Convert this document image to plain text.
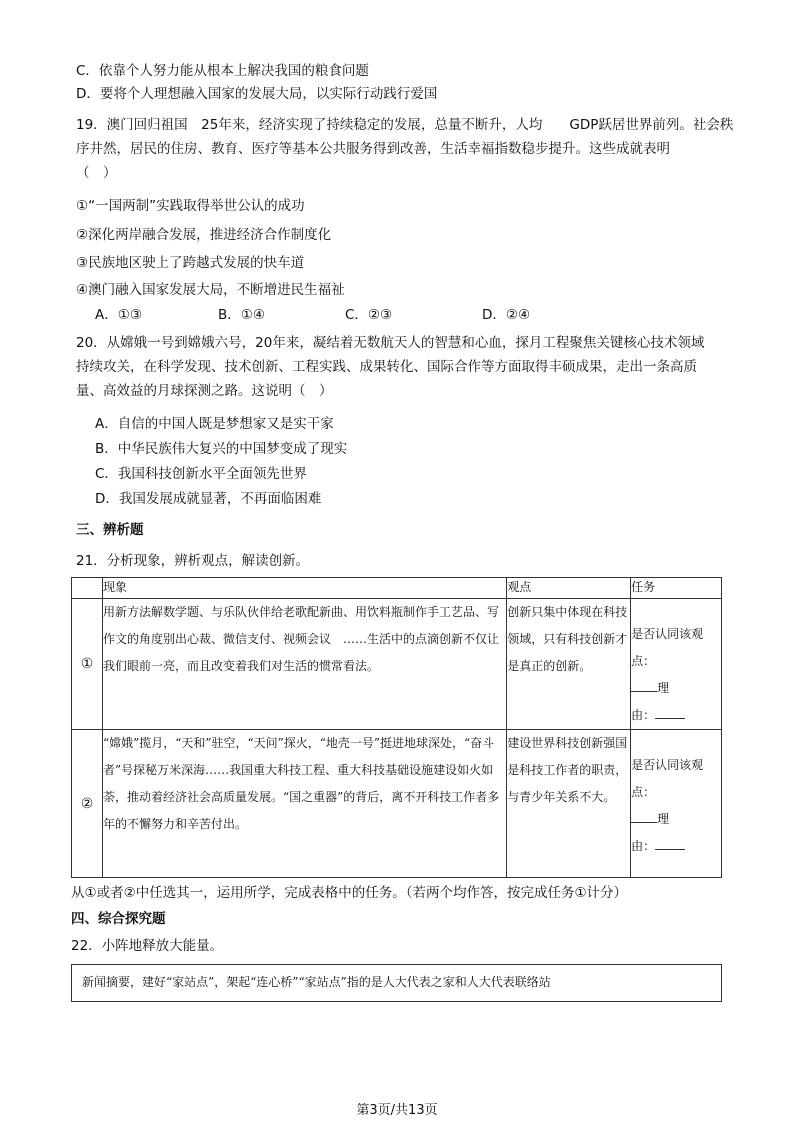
C．依靠个人努力能从根本上解决我国的粮食问题
D．要将个人理想融入国家的发展大局，以实际行动践行爱国
19．澳门回归祖国　25年来，经济实现了持续稳定的发展，总量不断升，人均　　GDP跃居世界前列。社会秩
序井然，居民的住房、教育、医疗等基本公共服务得到改善，生活幸福指数稳步提升。这些成就表明
（　）
①“一国两制”实践取得举世公认的成功
②深化两岸融合发展，推进经济合作制度化
③民族地区驶上了跨越式发展的快车道
④澳门融入国家发展大局，不断增进民生福祉
A．①③	B．①④	C．②③	D．②④
20．从嫦娥一号到嫦娥六号，20年来，凝结着无数航天人的智慧和心血，探月工程聚焦关键核心技术领域
持续攻关，在科学发现、技术创新、工程实践、成果转化、国际合作等方面取得丰硕成果，走出一条高质
量、高效益的月球探测之路。这说明（　）
A．自信的中国人既是梦想家又是实干家
B．中华民族伟大复兴的中国梦变成了现实
C．我国科技创新水平全面领先世界
D．我国发展成就显著，不再面临困难
三、辨析题
21．分析现象，辨析观点，解读创新。
	现象	观点	任务
①	用新方法解数学题、与乐队伙伴给老歌配新曲、用饮料瓶制作手工艺品、写作文的角度别出心裁、微信支付、视频会议　……生活中的点滴创新不仅让我们眼前一亮，而且改变着我们对生活的惯常看法。	创新只集中体现在科技领域，只有科技创新才是真正的创新。	是否认同该观点：
理
由：

②	“嫦娥”揽月，“天和”驻空，“天问”探火，“地壳一号”挺进地球深处，“奋斗者”号探秘万米深海……我国重大科技工程、重大科技基础设施建设如火如荼，推动着经济社会高质量发展。“国之重器”的背后，离不开科技工作者多年的不懈努力和辛苦付出。	建设世界科技创新强国是科技工作者的职责，与青少年关系不大。	是否认同该观点：
理
由：
从①或者②中任选其一，运用所学，完成表格中的任务。（若两个均作答，按完成任务①计分）
四、综合探究题
22．小阵地释放大能量。
新闻摘要，建好“家站点”，架起“连心桥”“家站点”指的是人大代表之家和人大代表联络站
第3页/共13页
